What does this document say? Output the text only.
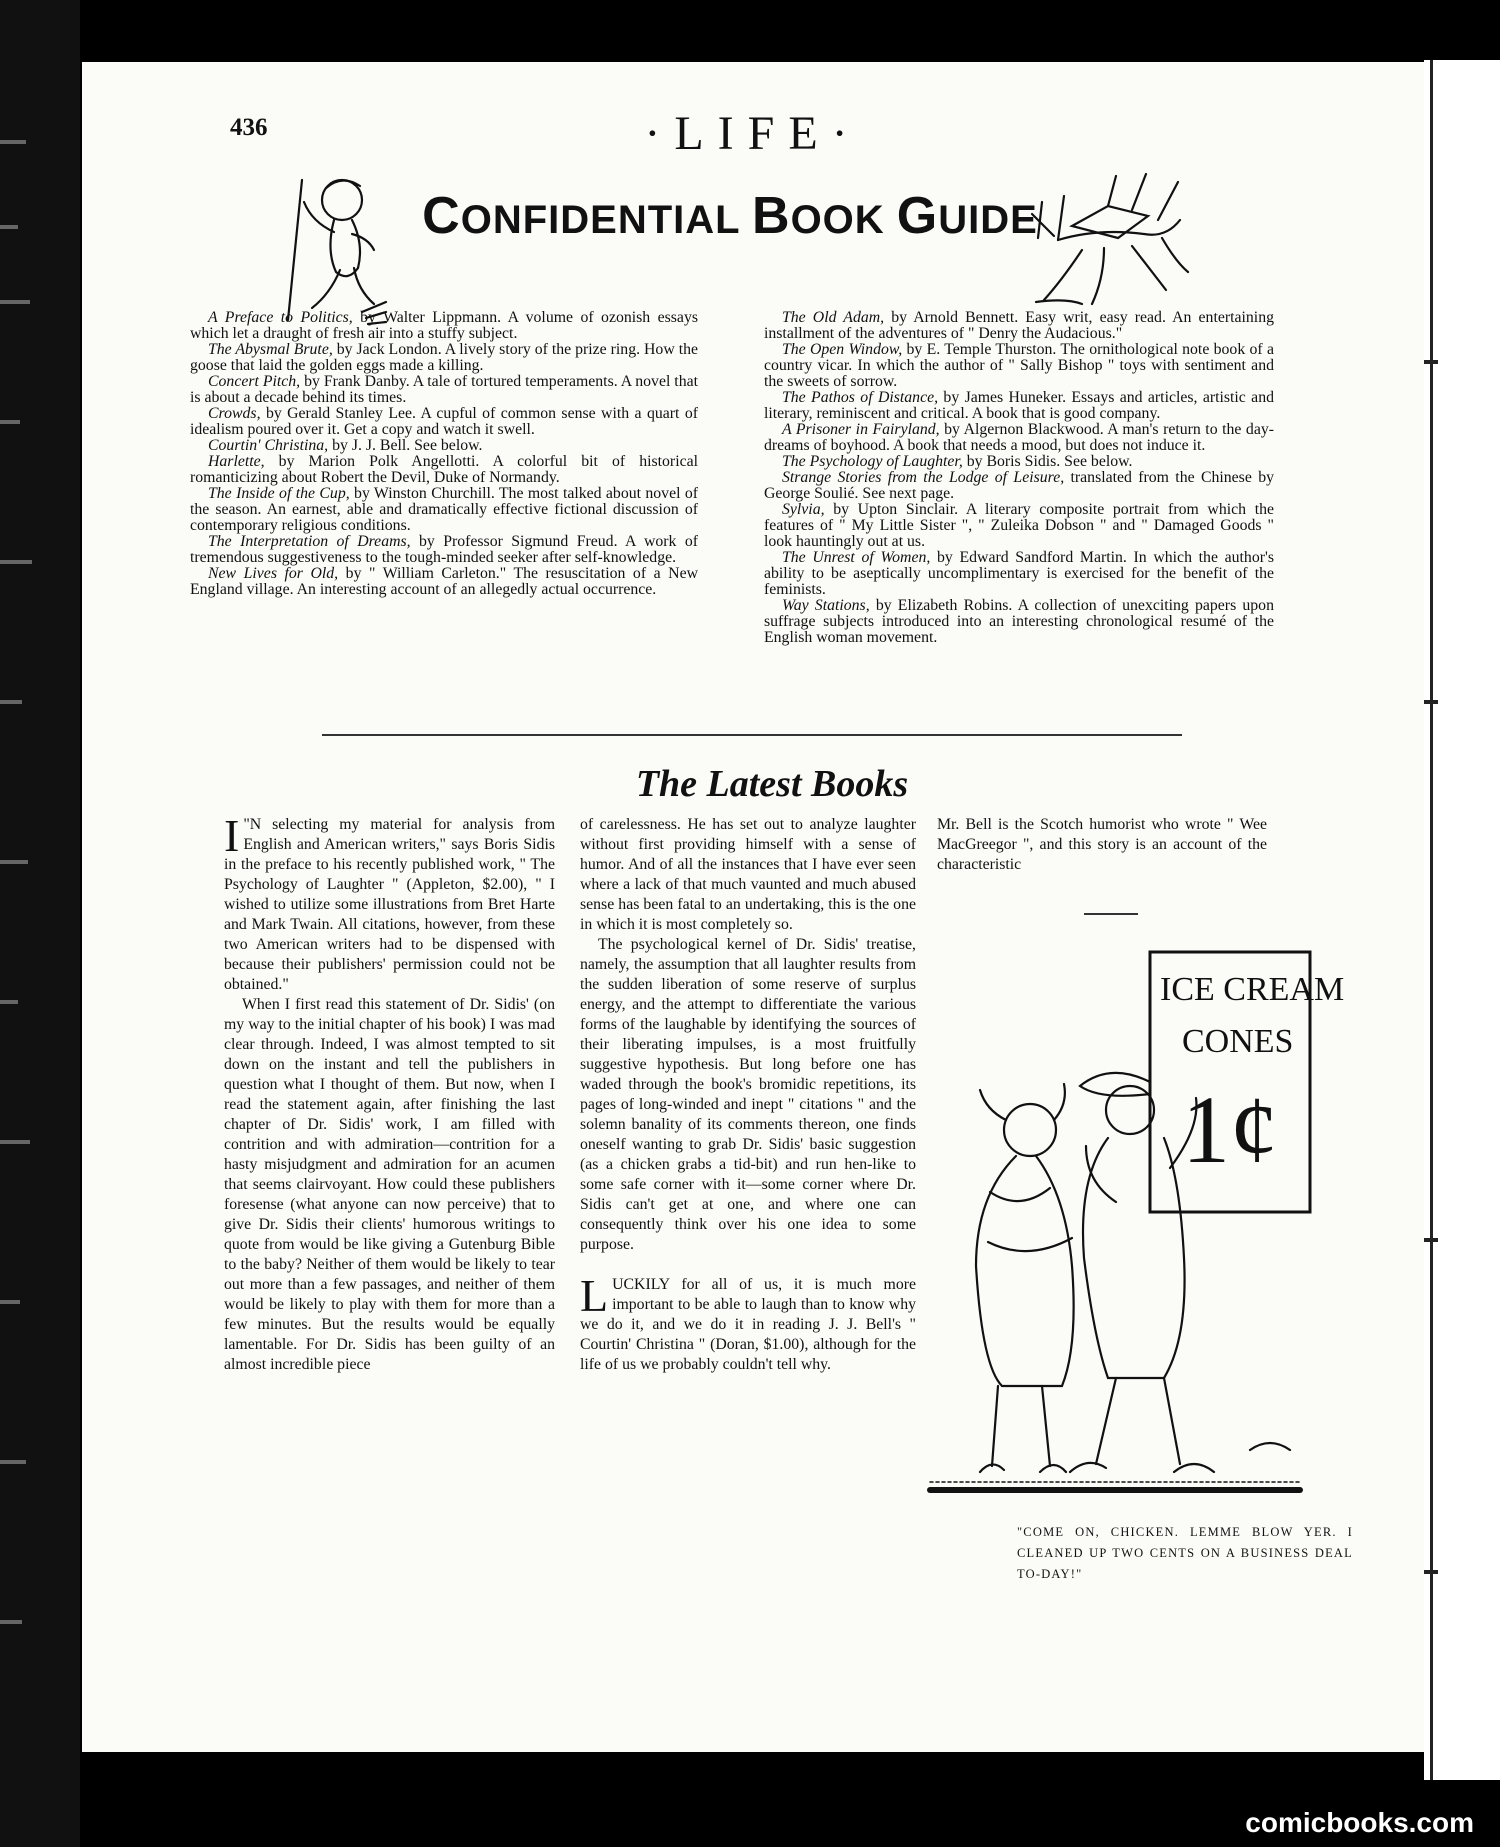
436	·LIFE·
CONFIDENTIAL BOOK GUIDE

A Preface to Politics, by Walter Lippmann. A volume of ozonish essays which let a draught of fresh air into a stuffy subject.

The Abysmal Brute, by Jack London. A lively story of the prize ring. How the goose that laid the golden eggs made a killing.

Concert Pitch, by Frank Danby. A tale of tortured temperaments. A novel that is about a decade behind its times.

Crowds, by Gerald Stanley Lee. A cupful of common sense with a quart of idealism poured over it. Get a copy and watch it swell.

Courtin' Christina, by J. J. Bell. See below.

Harlette, by Marion Polk Angellotti. A colorful bit of historical romanticizing about Robert the Devil, Duke of Normandy.

The Inside of the Cup, by Winston Churchill. The most talked about novel of the season. An earnest, able and dramatically effective fictional discussion of contemporary religious conditions.

The Interpretation of Dreams, by Professor Sigmund Freud. A work of tremendous suggestiveness to the tough-minded seeker after self-knowledge.

New Lives for Old, by " William Carleton." The resuscitation of a New England village. An interesting account of an allegedly actual occurrence.

The Old Adam, by Arnold Bennett. Easy writ, easy read. An entertaining installment of the adventures of " Denry the Audacious."

The Open Window, by E. Temple Thurston. The ornithological note book of a country vicar. In which the author of " Sally Bishop " toys with sentiment and the sweets of sorrow.

The Pathos of Distance, by James Huneker. Essays and articles, artistic and literary, reminiscent and critical. A book that is good company.

A Prisoner in Fairyland, by Algernon Blackwood. A man's return to the day-dreams of boyhood. A book that needs a mood, but does not induce it.

The Psychology of Laughter, by Boris Sidis. See below.

Strange Stories from the Lodge of Leisure, translated from the Chinese by George Soulié. See next page.

Sylvia, by Upton Sinclair. A literary composite portrait from which the features of " My Little Sister ", " Zuleika Dobson " and " Damaged Goods " look hauntingly out at us.

The Unrest of Women, by Edward Sandford Martin. In which the author's ability to be aseptically uncomplimentary is exercised for the benefit of the feminists.

Way Stations, by Elizabeth Robins. A collection of unexciting papers upon suffrage subjects introduced into an interesting chronological resumé of the English woman movement.

The Latest Books

"
I N selecting my material for analysis from English and American writers," says Boris Sidis in the preface to his recently published work, " The Psychology of Laughter " (Appleton, $2.00), " I wished to utilize some illustrations from Bret Harte and Mark Twain. All citations, however, from these two American writers had to be dispensed with because their publishers' permission could not be obtained."

When I first read this statement of Dr. Sidis' (on my way to the initial chapter of his book) I was mad clear through. Indeed, I was almost tempted to sit down on the instant and tell the publishers in question what I thought of them. But now, when I read the statement again, after finishing the last chapter of Dr. Sidis' work, I am filled with contrition and with admiration—contrition for a hasty misjudgment and admiration for an acumen that seems clairvoyant. How could these publishers foresense (what anyone can now perceive) that to give Dr. Sidis their clients' humorous writings to quote from would be like giving a Gutenburg Bible to the baby? Neither of them would be likely to tear out more than a few passages, and neither of them would be likely to play with them for more than a few minutes. But the results would be equally lamentable. For Dr. Sidis has been guilty of an almost incredible piece

of carelessness. He has set out to analyze laughter without first providing himself with a sense of humor. And of all the instances that I have ever seen where a lack of that much vaunted and much abused sense has been fatal to an undertaking, this is the one in which it is most completely so.

The psychological kernel of Dr. Sidis' treatise, namely, the assumption that all laughter results from the sudden liberation of some reserve of surplus energy, and the attempt to differentiate the various forms of the laughable by identifying the sources of their liberating impulses, is a most fruitfully suggestive hypothesis. But long before one has waded through the book's bromidic repetitions, its pages of long-winded and inept " citations " and the solemn banality of its comments thereon, one finds oneself wanting to grab Dr. Sidis' basic suggestion (as a chicken grabs a tid-bit) and run hen-like to some safe corner with it—some corner where Dr. Sidis can't get at one, and where one can consequently think over his one idea to some purpose.

LUCKILY for all of us, it is much more important to be able to laugh than to know why we do it, and we do it in reading J. J. Bell's " Courtin' Christina " (Doran, $1.00), although for the life of us we probably couldn't tell why.

Mr. Bell is the Scotch humorist who wrote " Wee MacGreegor ", and this story is an account of the characteristic

ICE CREAM
CONES
1¢
"COME ON, CHICKEN. LEMME BLOW YER. I CLEANED UP TWO CENTS ON A BUSINESS DEAL TO-DAY!"
comicbooks.com
